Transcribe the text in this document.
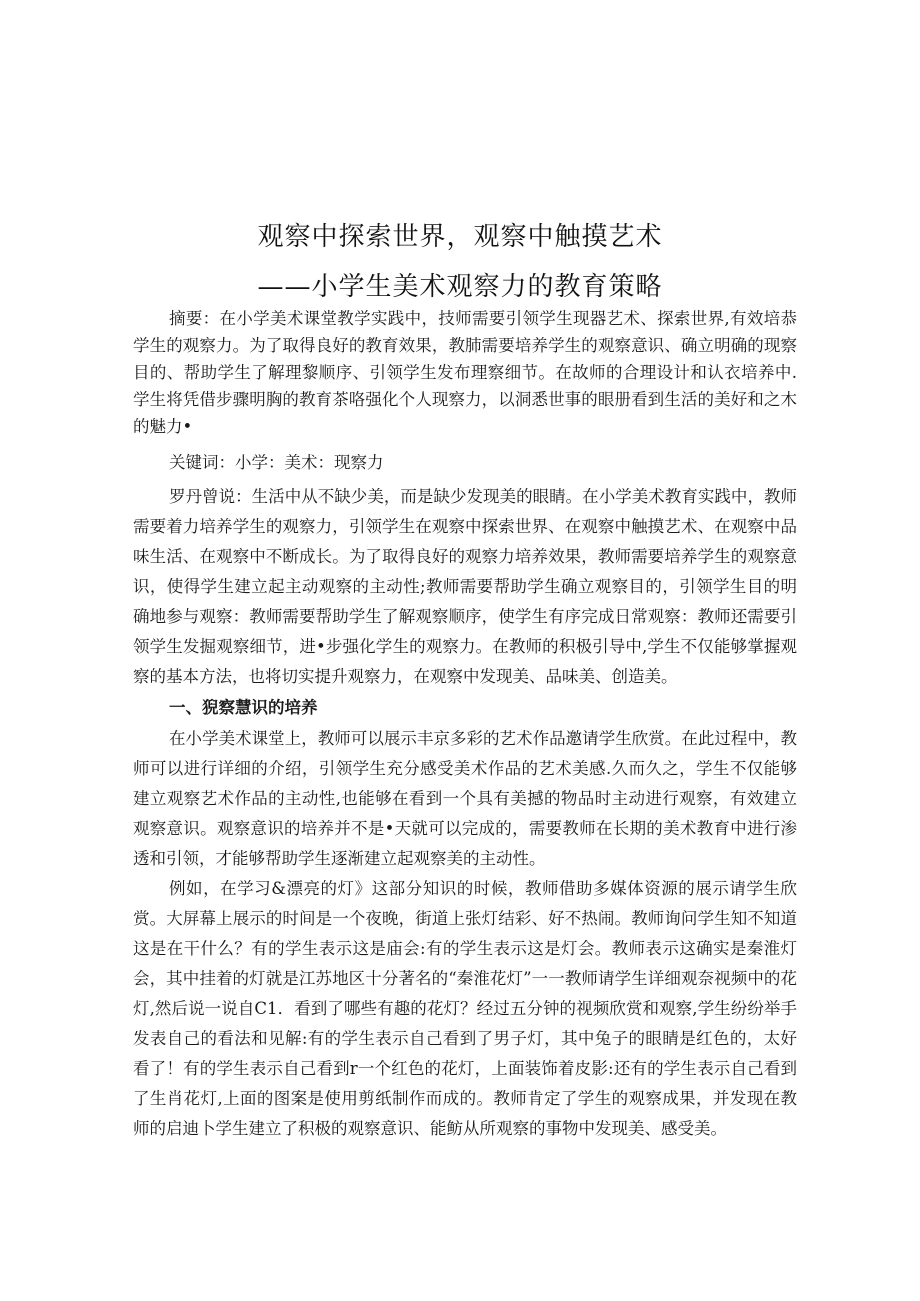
观察中探索世界，观察中触摸艺术
——小学生美术观察力的教育策略

摘要：在小学美术课堂教学实践中，技师需要引领学生现器艺术、探索世界,有效培恭学生的观察力。为了取得良好的教育效果，教肺需要培养学生的观察意识、确立明确的现察目的、帮助学生了解理黎顺序、引领学生发布理察细节。在故师的合理设计和认衣培养中.学生将凭借步骤明胸的教育茶咯强化个人现察力，以洞悉世事的眼册看到生活的美好和之木的魅力•

关键词：小学：美术：现察力

罗丹曾说：生活中从不缺少美，而是缺少发现美的眼睛。在小学美术教育实践中，教师需要着力培养学生的观察力，引领学生在观察中探索世界、在观察中触摸艺术、在观察中品味生活、在观察中不断成长。为了取得良好的观察力培养效果，教师需要培养学生的观察意识，使得学生建立起主动观察的主动性;教师需要帮助学生确立观察目的，引领学生目的明确地参与观察：教师需要帮助学生了解观察顺序，使学生有序完成日常观察：教师还需要引领学生发掘观察细节，进•步强化学生的观察力。在教师的积极引导中,学生不仅能够掌握观察的基本方法，也将切实提升观察力，在观察中发现美、品味美、创造美。

一、猊察慧识的培养

在小学美术课堂上，教师可以展示丰京多彩的艺术作品邀请学生欣赏。在此过程中，教师可以进行详细的介绍，引领学生充分感受美术作品的艺术美感.久而久之，学生不仅能够建立观察艺术作品的主动性,也能够在看到一个具有美撼的物品时主动进行观察，有效建立观察意识。观察意识的培养并不是•天就可以完成的，需要教师在长期的美术教育中进行渗透和引领，才能够帮助学生逐渐建立起观察美的主动性。

例如，在学习&漂亮的灯》这部分知识的时候，教师借助多媒体资源的展示请学生欣赏。大屏幕上展示的时间是一个夜晚，街道上张灯结彩、好不热闹。教师询问学生知不知道这是在干什么？有的学生表示这是庙会:有的学生表示这是灯会。教师表示这确实是秦淮灯会，其中挂着的灯就是江苏地区十分著名的“秦淮花灯”一一教师请学生详细观奈视频中的花灯,然后说一说自C1．看到了哪些有趣的花灯？经过五分钟的视频欣赏和观察,学生纷纷举手发表自己的看法和见解:有的学生表示自己看到了男子灯，其中兔子的眼睛是红色的，太好看了！有的学生表示自己看到r一个红色的花灯，上面装饰着皮影:还有的学生表示自己看到了生肖花灯,上面的图案是使用剪纸制作而成的。教师肯定了学生的观察成果，并发现在教师的启迪卜学生建立了积极的观察意识、能鲂从所观察的事物中发现美、感受美。
